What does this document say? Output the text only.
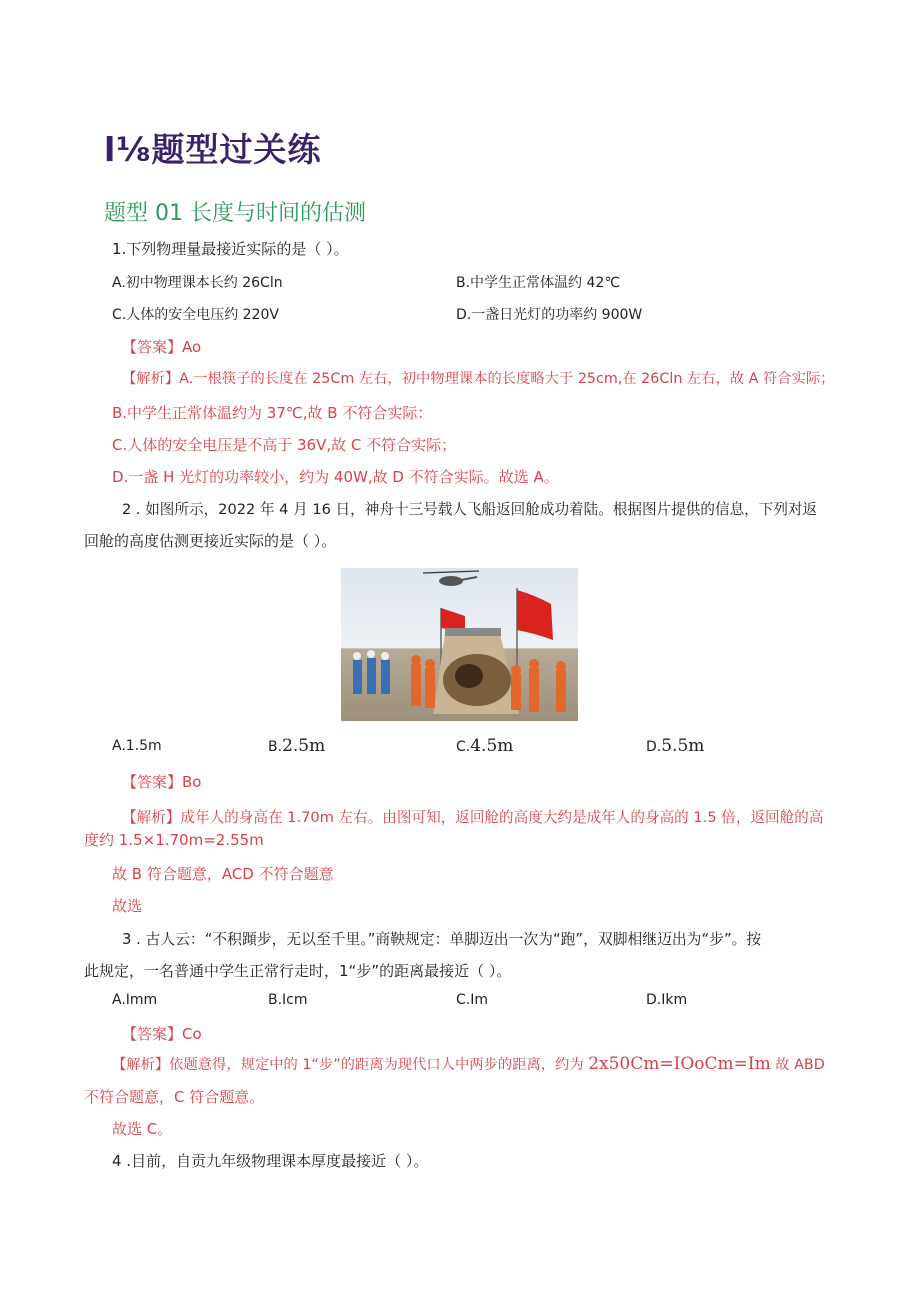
l⅛题型过关练
题型 01 长度与时间的估测
1.下列物理量最接近实际的是（ ）。
A.初中物理课本长约 26Cln	B.中学生正常体温约 42℃
C.人体的安全电压约 220V	D.一盏日光灯的功率约 900W
【答案】Ao
【解析】A.一根筷子的长度在 25Cm 左右，初中物理课本的长度略大于 25cm,在 26Cln 左右，故 A 符合实际；
B.中学生正常体温约为 37℃,故 B 不符合实际：
C.人体的安全电压是不高于 36V,故 C 不符合实际；
D.一盏 H 光灯的功率较小，约为 40W,故 D 不符合实际。故选 A。
2 . 如图所示，2022 年 4 月 16 日，神舟十三号载人飞船返回舱成功着陆。根据图片提供的信息，下列对返
回舱的高度估测更接近实际的是（ ）。
A.1.5m	B.2.5m	C.4.5m	D.5.5m
【答案】Bo
【解析】成年人的身高在 1.70m 左右。由图可知，返回舱的高度大约是成年人的身高的 1.5 倍，返回舱的高
度约 1.5×1.70m=2.55m
故 B 符合题意，ACD 不符合题意
故选
3 . 古人云：“不积蹞步，无以至千里。”商鞅规定：单脚迈出一次为“跑”，双脚相继迈出为“步”。按
此规定，一名普通中学生正常行走时，1“步”的距离最接近（ ）。
A.Imm	B.Icm	C.Im	D.Ikm
【答案】Co
【解析】依题意得，规定中的 1“步”的距离为现代口人中两步的距离，约为 2x50Cm=IOoCm=Im 故 ABD
不符合题意，C 符合题意。
故选 C。
4 .目前，自贡九年级物理课本厚度最接近（ ）。
